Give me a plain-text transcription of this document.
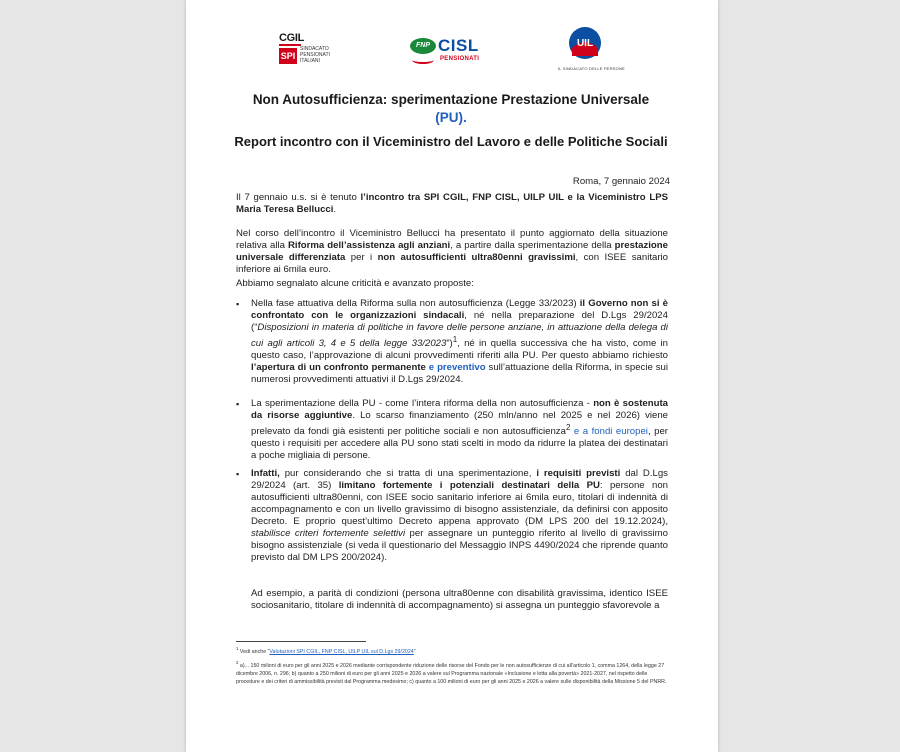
CGIL
SPI
SINDACATO PENSIONATI ITALIANI
FNP CISL
PENSIONATI
UIL
IL SINDACATO DELLE PERSONE
Non Autosufficienza: sperimentazione Prestazione Universale
(PU).
Report incontro con il Viceministro del Lavoro e delle Politiche Sociali
Roma, 7 gennaio 2024

Il 7 gennaio u.s. si è tenuto l’incontro tra SPI CGIL, FNP CISL, UILP UIL e la Viceministro LPS Maria Teresa Bellucci.

Nel corso dell’incontro il Viceministro Bellucci ha presentato il punto aggiornato della situazione relativa alla Riforma dell’assistenza agli anziani, a partire dalla sperimentazione della prestazione universale differenziata per i non autosufficienti ultra80enni gravissimi, con ISEE sanitario inferiore ai 6mila euro.

Abbiamo segnalato alcune criticità e avanzato proposte:

▪ Nella fase attuativa della Riforma sulla non autosufficienza (Legge 33/2023) il Governo non si è confrontato con le organizzazioni sindacali, né nella preparazione del D.Lgs 29/2024 (“Disposizioni in materia di politiche in favore delle persone anziane, in attuazione della delega di cui agli articoli 3, 4 e 5 della legge 33/2023”)$^1$, né in quella successiva che ha visto, come in questo caso, l’approvazione di alcuni provvedimenti riferiti alla PU. Per questo abbiamo richiesto l’apertura di un confronto permanente e preventivo sull’attuazione della Riforma, in specie sui numerosi provvedimenti attuativi il D.Lgs 29/2024.
▪ La sperimentazione della PU - come l’intera riforma della non autosufficienza - non è sostenuta da risorse aggiuntive. Lo scarso finanziamento (250 mln/anno nel 2025 e nel 2026) viene prelevato da fondi già esistenti per politiche sociali e non autosufficienza$^2$ e a fondi europei, per questo i requisiti per accedere alla PU sono stati scelti in modo da ridurre la platea dei destinatari a poche migliaia di persone.
▪ Infatti, pur considerando che si tratta di una sperimentazione, i requisiti previsti dal D.Lgs 29/2024 (art. 35) limitano fortemente i potenziali destinatari della PU: persone non autosufficienti ultra80enni, con ISEE socio sanitario inferiore ai 6mila euro, titolari di indennità di accompagnamento e con un livello gravissimo di bisogno assistenziale, da definirsi con apposito Decreto. E proprio quest’ultimo Decreto appena approvato (DM LPS 200 del 19.12.2024), stabilisce criteri fortemente selettivi per assegnare un punteggio riferito al livello di gravissimo bisogno assistenziale (si veda il questionario del Messaggio INPS 4490/2024 che riprende quanto previsto dal DM LPS 200/2024).

Ad esempio, a parità di condizioni (persona ultra80enne con disabilità gravissima, identico ISEE sociosanitario, titolare di indennità di accompagnamento) si assegna un punteggio sfavorevole a

$^1$ Vedi anche “Valutazioni SPI CGIL, FNP CISL, UILP UIL sul D.Lgs 29/2024”
$^2$ a)... 150 milioni di euro per gli anni 2025 e 2026 mediante corrispondente riduzione delle risorse del Fondo per le non autosufficienze di cui all’articolo 1, comma 1264, della legge 27 dicembre 2006, n. 296; b) quanto a 250 milioni di euro per gli anni 2025 e 2026 a valere sul Programma nazionale «Inclusione e lotta alla povertà» 2021-2027, nel rispetto delle procedure e dei criteri di ammissibilità previsti dal Programma medesimo; c) quanto a 100 milioni di euro per gli anni 2025 e 2026 a valere sulle disponibilità della Missione 5 del PNRR.
